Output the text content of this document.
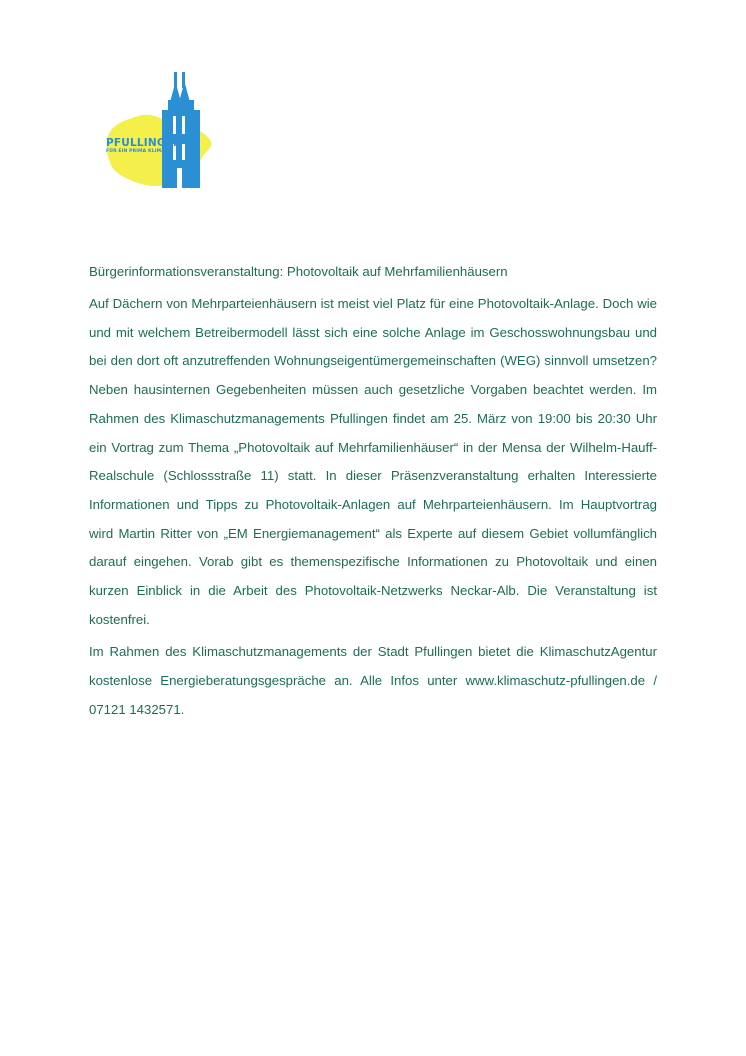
PFULLINGEN
FÜR EIN PRIMA KLIMA

Bürgerinformationsveranstaltung: Photovoltaik auf Mehrfamilienhäusern

Auf Dächern von Mehrparteienhäusern ist meist viel Platz für eine Photovoltaik-Anlage. Doch wie und mit welchem Betreibermodell lässt sich eine solche Anlage im Geschosswohnungsbau und bei den dort oft anzutreffenden Wohnungseigentümergemeinschaften (WEG) sinnvoll umsetzen? Neben hausinternen Gegebenheiten müssen auch gesetzliche Vorgaben beachtet werden. Im Rahmen des Klimaschutzmanagements Pfullingen findet am 25. März von 19:00 bis 20:30 Uhr ein Vortrag zum Thema „Photovoltaik auf Mehrfamilienhäuser“ in der Mensa der Wilhelm-Hauff-Realschule (Schlossstraße 11) statt. In dieser Präsenzveranstaltung erhalten Interessierte Informationen und Tipps zu Photovoltaik-Anlagen auf Mehrparteienhäusern. Im Hauptvortrag wird Martin Ritter von „EM Energiemanagement“ als Experte auf diesem Gebiet vollumfänglich darauf eingehen. Vorab gibt es themenspezifische Informationen zu Photovoltaik und einen kurzen Einblick in die Arbeit des Photovoltaik-Netzwerks Neckar-Alb. Die Veranstaltung ist kostenfrei.

Im Rahmen des Klimaschutzmanagements der Stadt Pfullingen bietet die KlimaschutzAgentur kostenlose Energieberatungsgespräche an. Alle Infos unter www.klimaschutz-pfullingen.de / 07121 1432571.
